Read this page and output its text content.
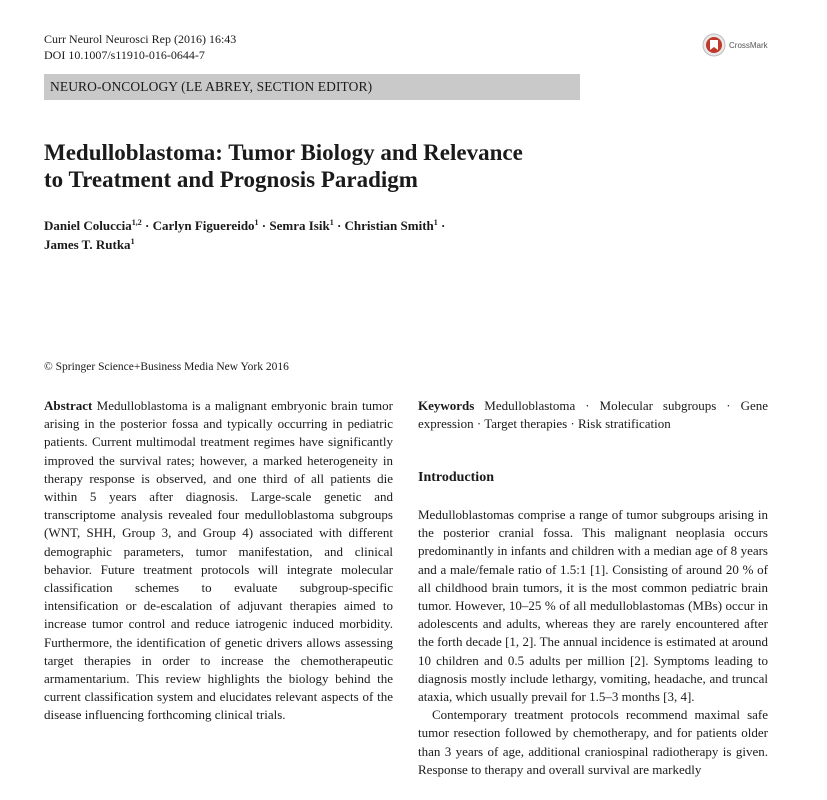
Curr Neurol Neurosci Rep (2016) 16:43
DOI 10.1007/s11910-016-0644-7
CrossMark
NEURO-ONCOLOGY (LE ABREY, SECTION EDITOR)
Medulloblastoma: Tumor Biology and Relevance
to Treatment and Prognosis Paradigm
Daniel Coluccia$^{1,2}$ · Carlyn Figuereido$^1$ · Semra Isik$^1$ · Christian Smith$^1$ ·
James T. Rutka$^1$
© Springer Science+Business Media New York 2016

Abstract Medulloblastoma is a malignant embryonic brain tumor arising in the posterior fossa and typically occurring in pediatric patients. Current multimodal treatment regimes have significantly improved the survival rates; however, a marked heterogeneity in therapy response is observed, and one third of all patients die within 5 years after diagnosis. Large-scale genetic and transcriptome analysis revealed four medulloblastoma subgroups (WNT, SHH, Group 3, and Group 4) associated with different demographic parameters, tumor manifestation, and clinical behavior. Future treatment protocols will integrate molecular classification schemes to evaluate subgroup-specific intensification or de-escalation of adjuvant therapies aimed to increase tumor control and reduce iatrogenic induced morbidity. Furthermore, the identification of genetic drivers allows assessing target therapies in order to increase the chemotherapeutic armamentarium. This review highlights the biology behind the current classification system and elucidates relevant aspects of the disease influencing forthcoming clinical trials.

Keywords Medulloblastoma · Molecular subgroups · Gene expression · Target therapies · Risk stratification

Introduction

Medulloblastomas comprise a range of tumor subgroups arising in the posterior cranial fossa. This malignant neoplasia occurs predominantly in infants and children with a median age of 8 years and a male/female ratio of 1.5:1 [1]. Consisting of around 20 % of all childhood brain tumors, it is the most common pediatric brain tumor. However, 10–25 % of all medulloblastomas (MBs) occur in adolescents and adults, whereas they are rarely encountered after the forth decade [1, 2]. The annual incidence is estimated at around 10 children and 0.5 adults per million [2]. Symptoms leading to diagnosis mostly include lethargy, vomiting, headache, and truncal ataxia, which usually prevail for 1.5–3 months [3, 4].

Contemporary treatment protocols recommend maximal safe tumor resection followed by chemotherapy, and for patients older than 3 years of age, additional craniospinal radiotherapy is given. Response to therapy and overall survival are markedly
